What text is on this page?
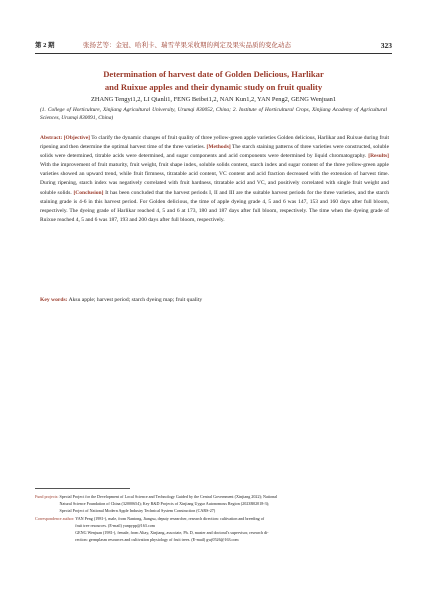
第 2 期	张扬艺等：金冠、哈利卡、瑞雪苹果采收期的判定及果实品质的变化动态	323
Determination of harvest date of Golden Delicious, Harlikar
and Ruixue apples and their dynamic study on fruit quality
ZHANG Tengyi1,2, LI Qianli1, FENG Beibei1,2, NAN Kun1,2, YAN Peng2, GENG Wenjuan1
(1. College of Horticulture, Xinjiang Agricultural University, Urumqi 830052, China; 2. Institute of Horticultural Crops, Xinjiang Academy of Agricultural Sciences, Urumqi 830091, China)
Abstract: [Objective] To clarify the dynamic changes of fruit quality of three yellow-green apple varieties Golden delicious, Harlikar and Ruixue during fruit ripening and then determine the optimal harvest time of the three varieties. [Methods] The starch staining patterns of three varieties were constructed, soluble solids were determined, titrable acids were determined, and sugar components and acid components were determined by liquid chromatography. [Results] With the improvement of fruit maturity, fruit weight, fruit shape index, soluble solids content, starch index and sugar content of the three yellow-green apple varieties showed an upward trend, while fruit firmness, titratable acid content, VC content and acid fraction decreased with the extension of harvest time. During ripening, starch index was negatively correlated with fruit hardness, titratable acid and VC, and positively correlated with single fruit weight and soluble solids. [Conclusion] It has been concluded that the harvest periods I, II and III are the suitable harvest periods for the three varieties, and the starch staining grade is 4-6 in this harvest period. For Golden delicious, the time of apple dyeing grade 4, 5 and 6 was 147, 153 and 160 days after full bloom, respectively. The dyeing grade of Harlikar reached 4, 5 and 6 at 173, 180 and 187 days after full bloom, respectively. The time when the dyeing grade of Ruixue reached 4, 5 and 6 was 187, 193 and 200 days after full bloom, respectively.
Key words: Aksu apple; harvest period; starch dyeing map; fruit quality
Fund projects: Special Project for the Development of Local Science and Technology Guided by the Central Government (Xinjiang 2022); National
Natural Science Foundation of China (32000654); Key R&D Projects of Xinjiang Uygur Autonomous Region (2023B02018-3);
Special Project of National Modern Apple Industry Technical System Construction (CARS-27)
Correspondence author: YAN Peng (1981-), male, from Nantong, Jiangsu, deputy researcher, research direction: cultivation and breeding of
fruit tree resources. (E-mail) yanpypp@163.com
GENG Wenjuan (1981-), female, from Altay, Xinjiang, associate, Ph. D, master and doctoral's supervisor, research di-
rection: germplasm resources and cultivation physiology of fruit trees. (E-mail) gwj0526@163.com
